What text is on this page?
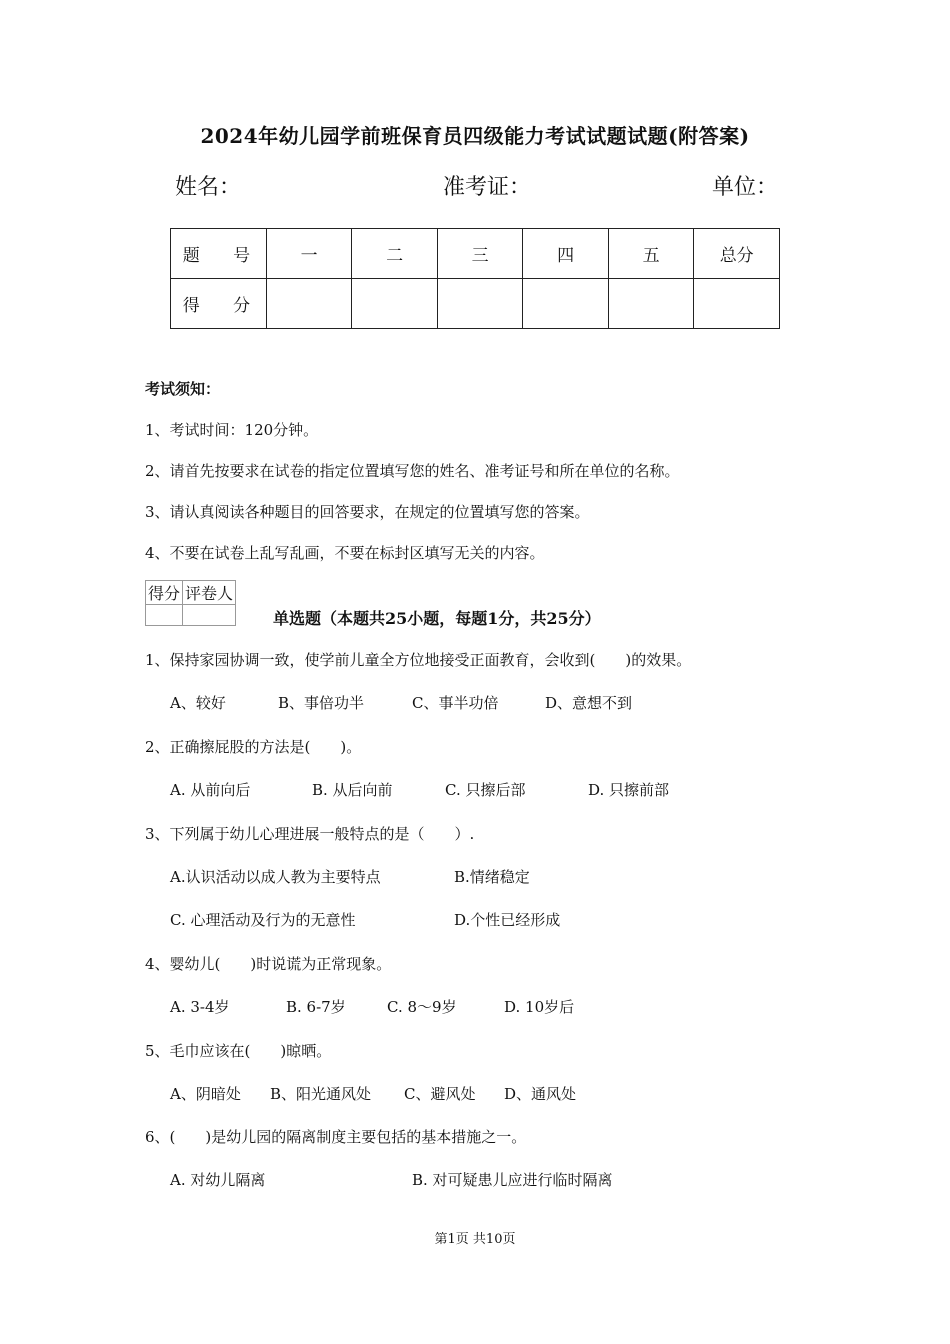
2024年幼儿园学前班保育员四级能力考试试题试题(附答案)
姓名：	准考证：	单位：
题 号	一	二	三	四	五	总分
得 分						
考试须知：
1、考试时间：120分钟。
2、请首先按要求在试卷的指定位置填写您的姓名、准考证号和所在单位的名称。
3、请认真阅读各种题目的回答要求，在规定的位置填写您的答案。
4、不要在试卷上乱写乱画，不要在标封区填写无关的内容。
得分	评卷人

单选题（本题共25小题，每题1分，共25分）
1、保持家园协调一致，使学前儿童全方位地接受正面教育，会收到(　　)的效果。
A、较好	B、事倍功半	C、事半功倍	D、意想不到
2、正确擦屁股的方法是(　　)。
A. 从前向后	B. 从后向前	C. 只擦后部	D. 只擦前部
3、下列属于幼儿心理进展一般特点的是（　　）.
A.认识活动以成人教为主要特点	B.情绪稳定
C. 心理活动及行为的无意性	D.个性已经形成
4、婴幼儿(　　)时说谎为正常现象。
A. 3-4岁	B. 6-7岁	C. 8～9岁	D. 10岁后
5、毛巾应该在(　　)晾晒。
A、阴暗处 B、阳光通风处 C、避风处 D、通风处
6、(　　)是幼儿园的隔离制度主要包括的基本措施之一。
A. 对幼儿隔离	B. 对可疑患儿应进行临时隔离
第1页 共10页
